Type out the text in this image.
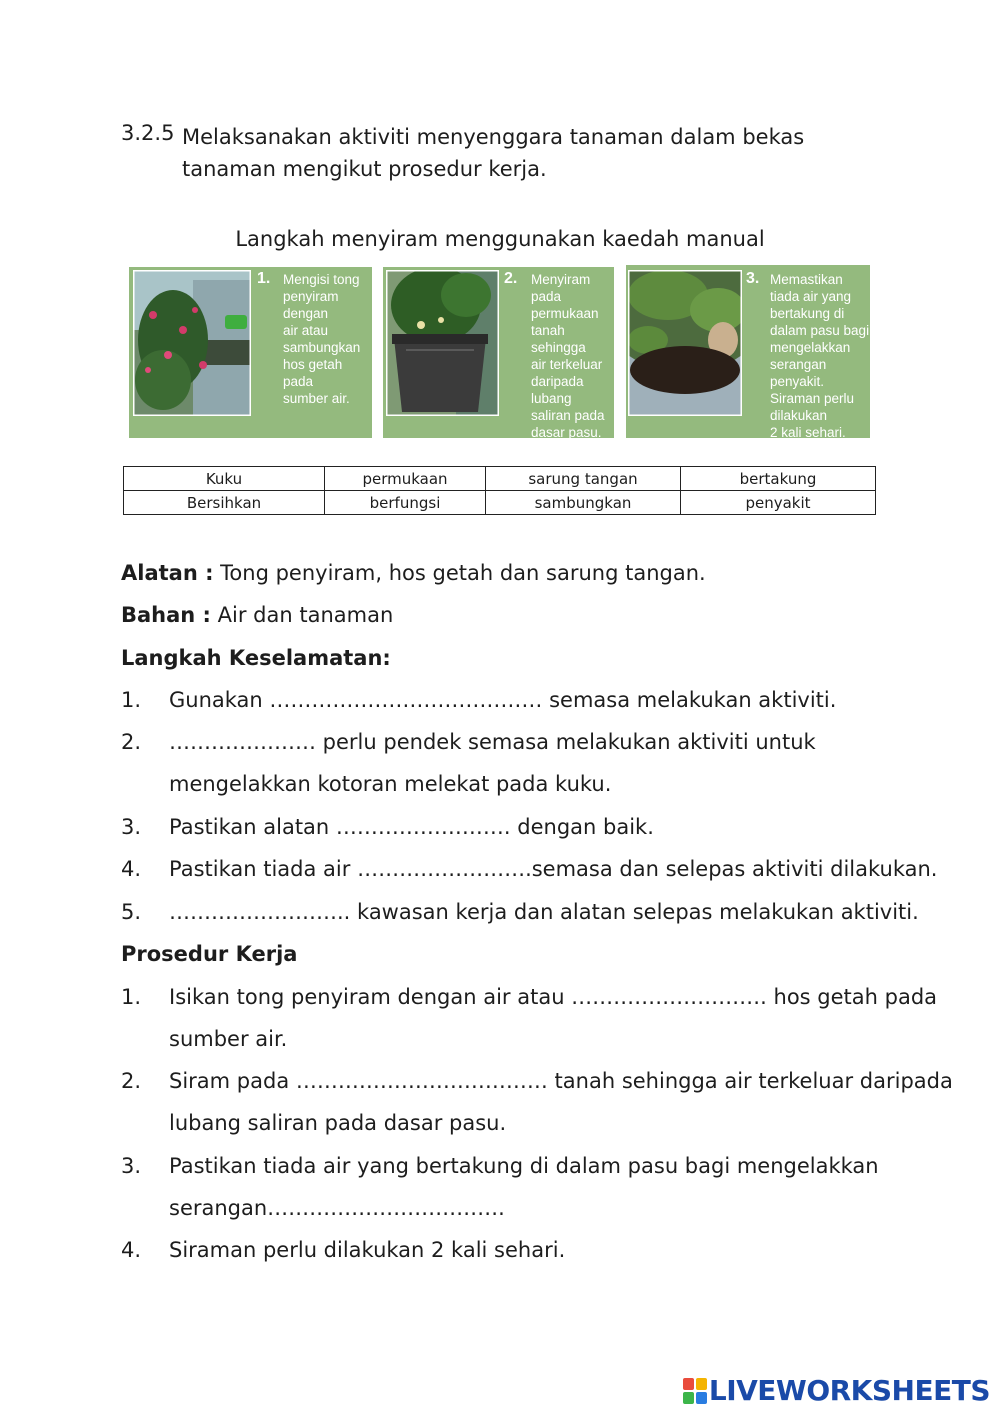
3.2.5 Melaksanakan aktiviti menyenggara tanaman dalam bekas
tanaman mengikut prosedur kerja.
Langkah menyiram menggunakan kaedah manual
1. Mengisi tong
penyiram
dengan
air atau
sambungkan
hos getah
pada
sumber air.
2. Menyiram
pada
permukaan
tanah
sehingga
air terkeluar
daripada
lubang
saliran pada
dasar pasu.
3. Memastikan
tiada air yang
bertakung di
dalam pasu bagi
mengelakkan
serangan
penyakit.
Siraman perlu
dilakukan
2 kali sehari.
Kuku	permukaan	sarung tangan	bertakung
Bersihkan	berfungsi	sambungkan	penyakit
Alatan : Tong penyiram, hos getah dan sarung tangan.
Bahan : Air dan tanaman
Langkah Keselamatan:
1. Gunakan ………………………………… semasa melakukan aktiviti.
2. ………………… perlu pendek semasa melakukan aktiviti untuk
mengelakkan kotoran melekat pada kuku.
3. Pastikan alatan ……………………. dengan baik.
4. Pastikan tiada air …………………….semasa dan selepas aktiviti dilakukan.
5. …………………….. kawasan kerja dan alatan selepas melakukan aktiviti.
Prosedur Kerja
1. Isikan tong penyiram dengan air atau ………………………. hos getah pada
sumber air.
2. Siram pada ……………………………… tanah sehingga air terkeluar daripada
lubang saliran pada dasar pasu.
3. Pastikan tiada air yang bertakung di dalam pasu bagi mengelakkan
serangan…………………………….
4. Siraman perlu dilakukan 2 kali sehari.
LIVEWORKSHEETS
